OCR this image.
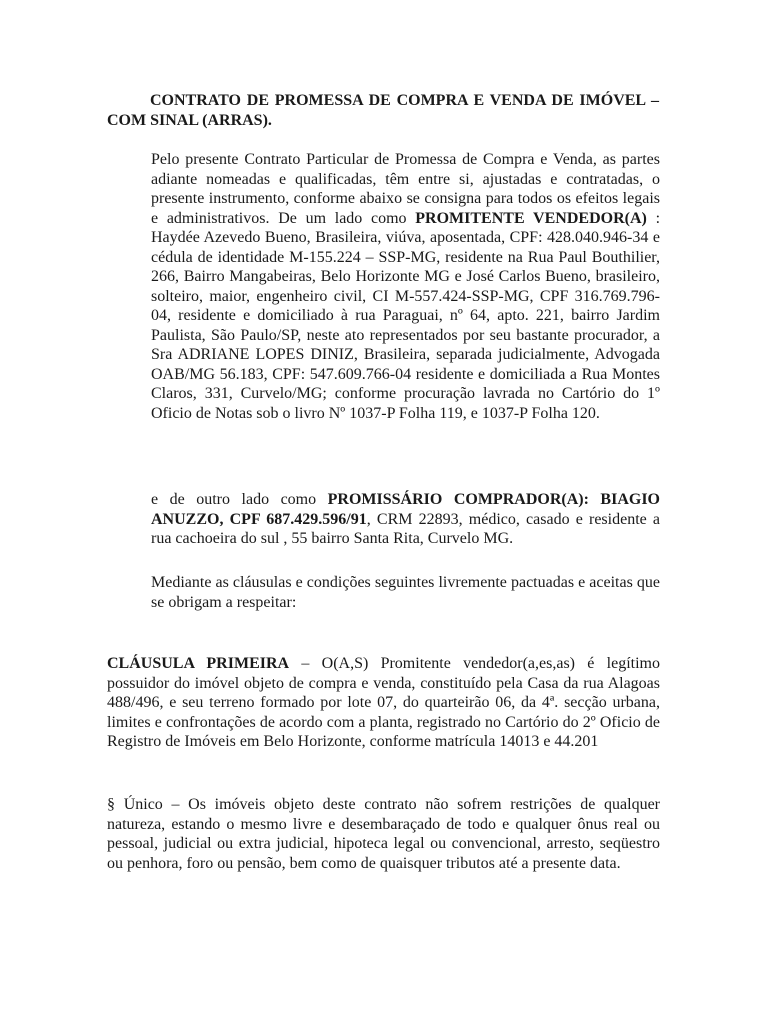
CONTRATO DE PROMESSA DE COMPRA E VENDA DE IMÓVEL – COM SINAL (ARRAS).

Pelo presente Contrato Particular de Promessa de Compra e Venda, as partes adiante nomeadas e qualificadas, têm entre si, ajustadas e contratadas, o presente instrumento, conforme abaixo se consigna para todos os efeitos legais e administrativos. De um lado como PROMITENTE VENDEDOR(A) : Haydée Azevedo Bueno, Brasileira, viúva, aposentada, CPF: 428.040.946-34 e cédula de identidade M-155.224 – SSP-MG, residente na Rua Paul Bouthilier, 266, Bairro Mangabeiras, Belo Horizonte MG e José Carlos Bueno, brasileiro, solteiro, maior, engenheiro civil, CI M-557.424-SSP-MG, CPF 316.769.796-04, residente e domiciliado à rua Paraguai, nº 64, apto. 221, bairro Jardim Paulista, São Paulo/SP, neste ato representados por seu bastante procurador, a Sra ADRIANE LOPES DINIZ, Brasileira, separada judicialmente, Advogada OAB/MG 56.183, CPF: 547.609.766-04 residente e domiciliada a Rua Montes Claros, 331, Curvelo/MG; conforme procuração lavrada no Cartório do 1º Oficio de Notas sob o livro Nº 1037-P Folha 119, e 1037-P Folha 120.

e de outro lado como PROMISSÁRIO COMPRADOR(A): BIAGIO ANUZZO, CPF 687.429.596/91, CRM 22893, médico, casado e residente a rua cachoeira do sul , 55 bairro Santa Rita, Curvelo MG.

Mediante as cláusulas e condições seguintes livremente pactuadas e aceitas que se obrigam a respeitar:

CLÁUSULA PRIMEIRA – O(A,S) Promitente vendedor(a,es,as) é legítimo possuidor do imóvel objeto de compra e venda, constituído pela Casa da rua Alagoas 488/496, e seu terreno formado por lote 07, do quarteirão 06, da 4ª. secção urbana, limites e confrontações de acordo com a planta, registrado no Cartório do 2º Oficio de Registro de Imóveis em Belo Horizonte, conforme matrícula 14013 e 44.201

§ Único – Os imóveis objeto deste contrato não sofrem restrições de qualquer natureza, estando o mesmo livre e desembaraçado de todo e qualquer ônus real ou pessoal, judicial ou extra judicial, hipoteca legal ou convencional, arresto, seqüestro ou penhora, foro ou pensão, bem como de quaisquer tributos até a presente data.
